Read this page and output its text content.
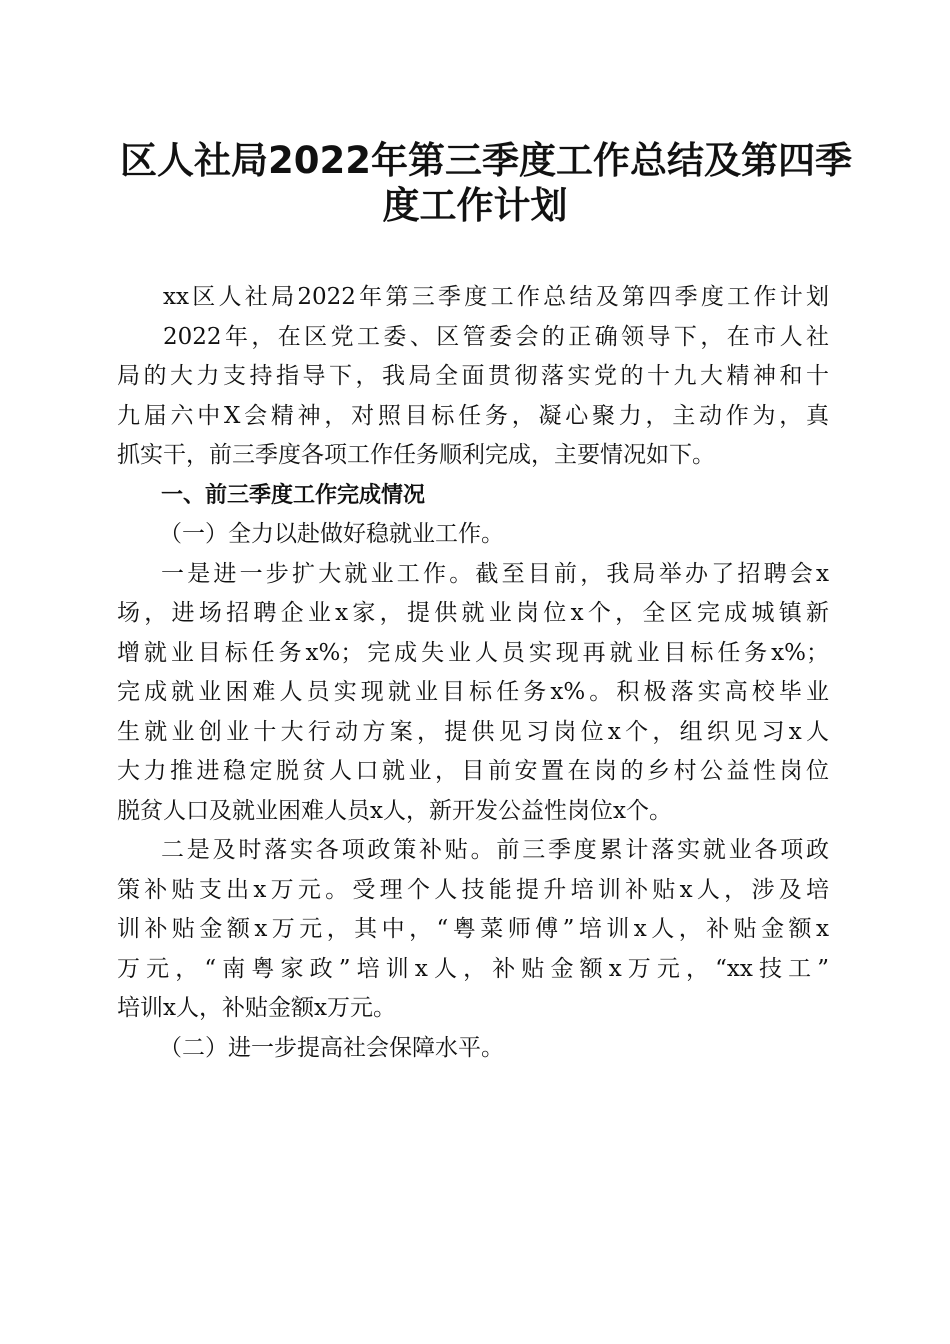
区人社局2022年第三季度工作总结及第四季
度工作计划
xx区人社局2022年第三季度工作总结及第四季度工作计划
2022年，在区党工委、区管委会的正确领导下，在市人社
局的大力支持指导下，我局全面贯彻落实党的十九大精神和十
九届六中X会精神，对照目标任务，凝心聚力，主动作为，真
抓实干，前三季度各项工作任务顺利完成，主要情况如下。
一、前三季度工作完成情况
（一）全力以赴做好稳就业工作。
一是进一步扩大就业工作。截至目前，我局举办了招聘会x
场，进场招聘企业x家，提供就业岗位x个，全区完成城镇新
增就业目标任务x%；完成失业人员实现再就业目标任务x%；
完成就业困难人员实现就业目标任务x%。积极落实高校毕业
生就业创业十大行动方案，提供见习岗位x个，组织见习x人
大力推进稳定脱贫人口就业，目前安置在岗的乡村公益性岗位
脱贫人口及就业困难人员x人，新开发公益性岗位x个。
二是及时落实各项政策补贴。前三季度累计落实就业各项政
策补贴支出x万元。受理个人技能提升培训补贴x人，涉及培
训补贴金额x万元，其中，“粤菜师傅”培训x人，补贴金额x
万元，“南粤家政”培训x人，补贴金额x万元，“xx技工”
培训x人，补贴金额x万元。
（二）进一步提高社会保障水平。
